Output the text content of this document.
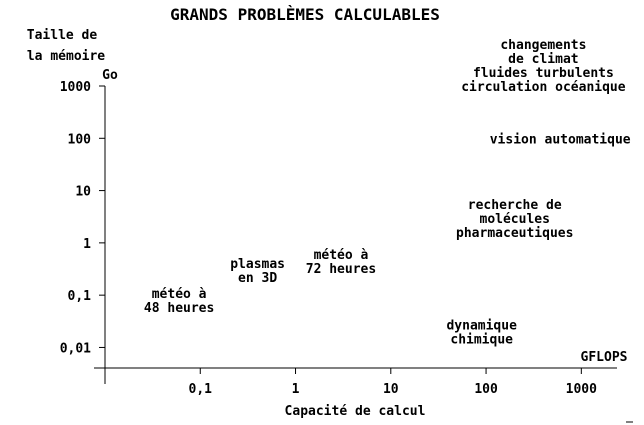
GRANDS PROBLÈMES CALCULABLES
Taille de
la mémoire
Go
1000
100
10
1
0,1
0,01
0,1	1	10	100	1000
GFLOPS
Capacité de calcul
changements
de climat
fluides turbulents
circulation océanique
vision automatique
recherche de
molécules
pharmaceutiques
dynamique
chimique
météo à
72 heures
plasmas
en 3D
météo à
48 heures
